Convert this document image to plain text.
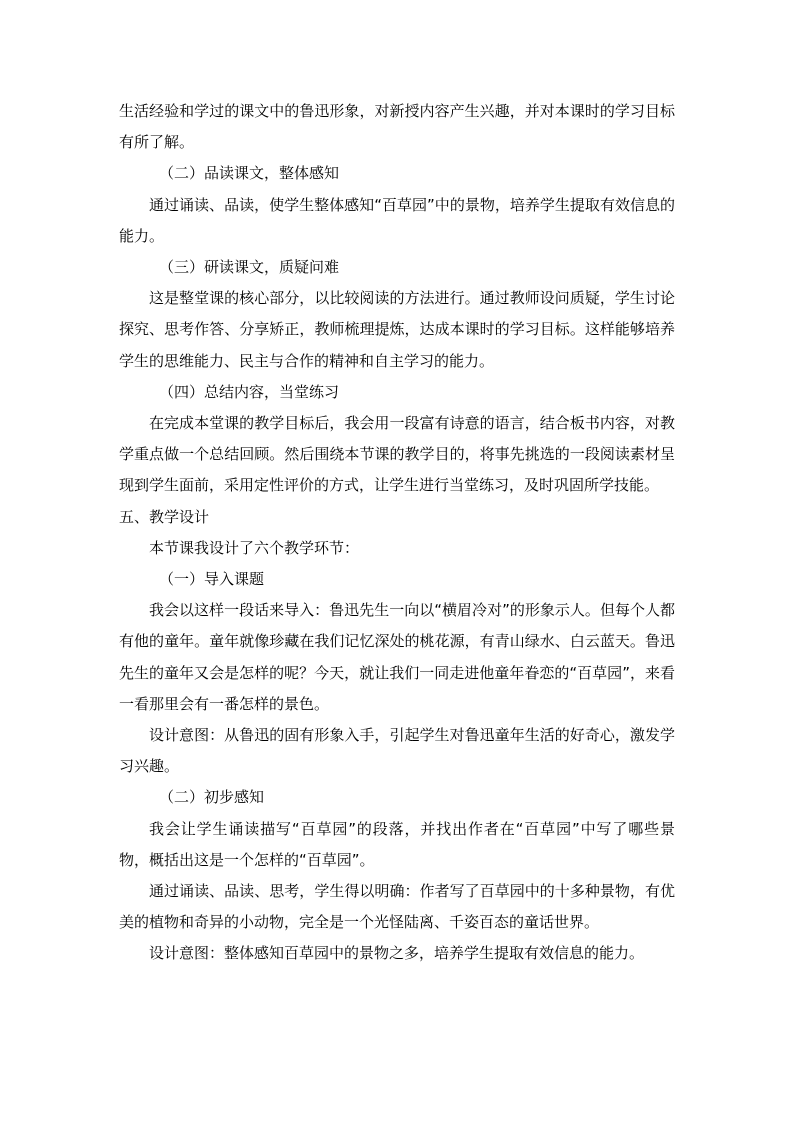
生活经验和学过的课文中的鲁迅形象，对新授内容产生兴趣，并对本课时的学习目标有所了解。

（二）品读课文，整体感知

通过诵读、品读，使学生整体感知“百草园”中的景物，培养学生提取有效信息的能力。

（三）研读课文，质疑问难

这是整堂课的核心部分，以比较阅读的方法进行。通过教师设问质疑，学生讨论探究、思考作答、分享矫正，教师梳理提炼，达成本课时的学习目标。这样能够培养学生的思维能力、民主与合作的精神和自主学习的能力。

（四）总结内容，当堂练习

在完成本堂课的教学目标后，我会用一段富有诗意的语言，结合板书内容，对教学重点做一个总结回顾。然后围绕本节课的教学目的，将事先挑选的一段阅读素材呈现到学生面前，采用定性评价的方式，让学生进行当堂练习，及时巩固所学技能。

五、教学设计

本节课我设计了六个教学环节：

（一）导入课题

我会以这样一段话来导入：鲁迅先生一向以“横眉冷对”的形象示人。但每个人都有他的童年。童年就像珍藏在我们记忆深处的桃花源，有青山绿水、白云蓝天。鲁迅先生的童年又会是怎样的呢？今天，就让我们一同走进他童年眷恋的“百草园”，来看一看那里会有一番怎样的景色。

设计意图：从鲁迅的固有形象入手，引起学生对鲁迅童年生活的好奇心，激发学习兴趣。

（二）初步感知

我会让学生诵读描写“百草园”的段落，并找出作者在“百草园”中写了哪些景物，概括出这是一个怎样的“百草园”。

通过诵读、品读、思考，学生得以明确：作者写了百草园中的十多种景物，有优美的植物和奇异的小动物，完全是一个光怪陆离、千姿百态的童话世界。

设计意图：整体感知百草园中的景物之多，培养学生提取有效信息的能力。
